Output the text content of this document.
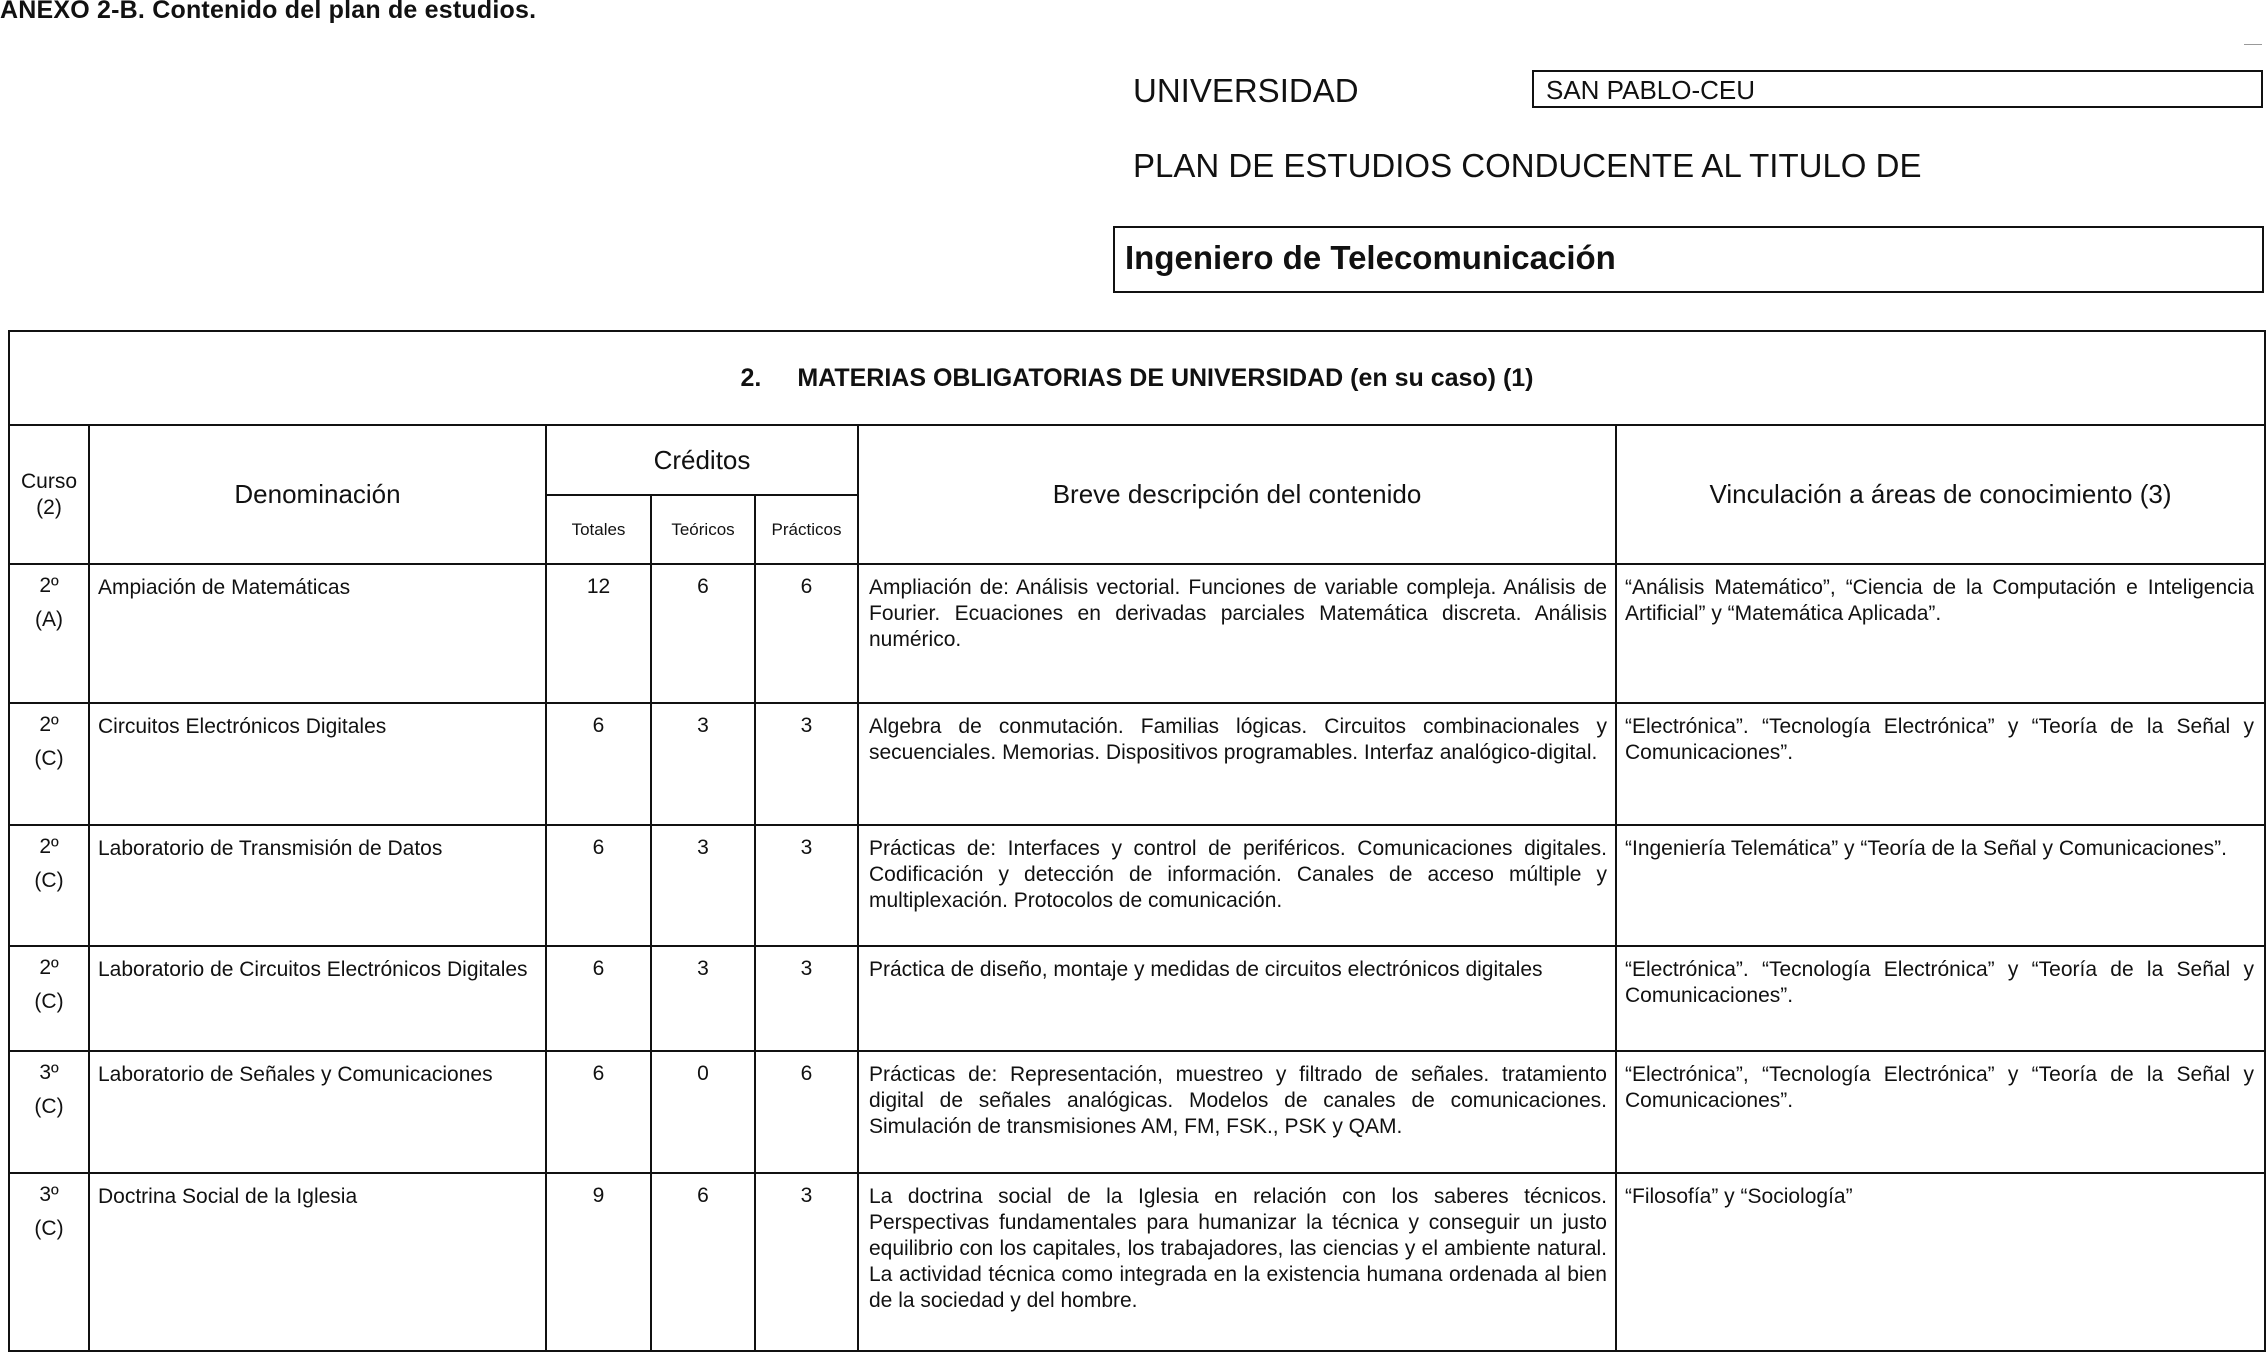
ANEXO 2-B. Contenido del plan de estudios.
UNIVERSIDAD	SAN PABLO-CEU
PLAN DE ESTUDIOS CONDUCENTE AL TITULO DE
Ingeniero de Telecomunicación
2. MATERIAS OBLIGATORIAS DE UNIVERSIDAD (en su caso) (1)						

Curso
(2)	Denominación	Créditos			Breve descripción del contenido	Vinculación a áreas de conocimiento (3)
		Totales	Teóricos	Prácticos		

2º
(A)	Ampiación de Matemáticas	12	6	6	Ampliación de: Análisis vectorial. Funciones de variable compleja. Análisis de Fourier. Ecuaciones en derivadas parciales Matemática discreta. Análisis numérico.	“Análisis Matemático”, “Ciencia de la Computación e Inteligencia Artificial” y “Matemática Aplicada”.

2º
(C)	Circuitos Electrónicos Digitales	6	3	3	Algebra de conmutación. Familias lógicas. Circuitos combinacionales y secuenciales. Memorias. Dispositivos programables. Interfaz analógico-digital.	“Electrónica”. “Tecnología Electrónica” y “Teoría de la Señal y Comunicaciones”.

2º
(C)	Laboratorio de Transmisión de Datos	6	3	3	Prácticas de: Interfaces y control de periféricos. Comunicaciones digitales. Codificación y detección de información. Canales de acceso múltiple y multiplexación. Protocolos de comunicación.	“Ingeniería Telemática” y “Teoría de la Señal y Comunicaciones”.

2º
(C)	Laboratorio de Circuitos Electrónicos Digitales	6	3	3	Práctica de diseño, montaje y medidas de circuitos electrónicos digitales	“Electrónica”. “Tecnología Electrónica” y “Teoría de la Señal y Comunicaciones”.

3º
(C)	Laboratorio de Señales y Comunicaciones	6	0	6	Prácticas de: Representación, muestreo y filtrado de señales. tratamiento digital de señales analógicas. Modelos de canales de comunicaciones. Simulación de transmisiones AM, FM, FSK., PSK y QAM.	“Electrónica”, “Tecnología Electrónica” y “Teoría de la Señal y Comunicaciones”.

3º
(C)	Doctrina Social de la Iglesia	9	6	3	La doctrina social de la Iglesia en relación con los saberes técnicos. Perspectivas fundamentales para humanizar la técnica y conseguir un justo equilibrio con los capitales, los trabajadores, las ciencias y el ambiente natural. La actividad técnica como integrada en la existencia humana ordenada al bien de la sociedad y del hombre.	“Filosofía” y “Sociología”
